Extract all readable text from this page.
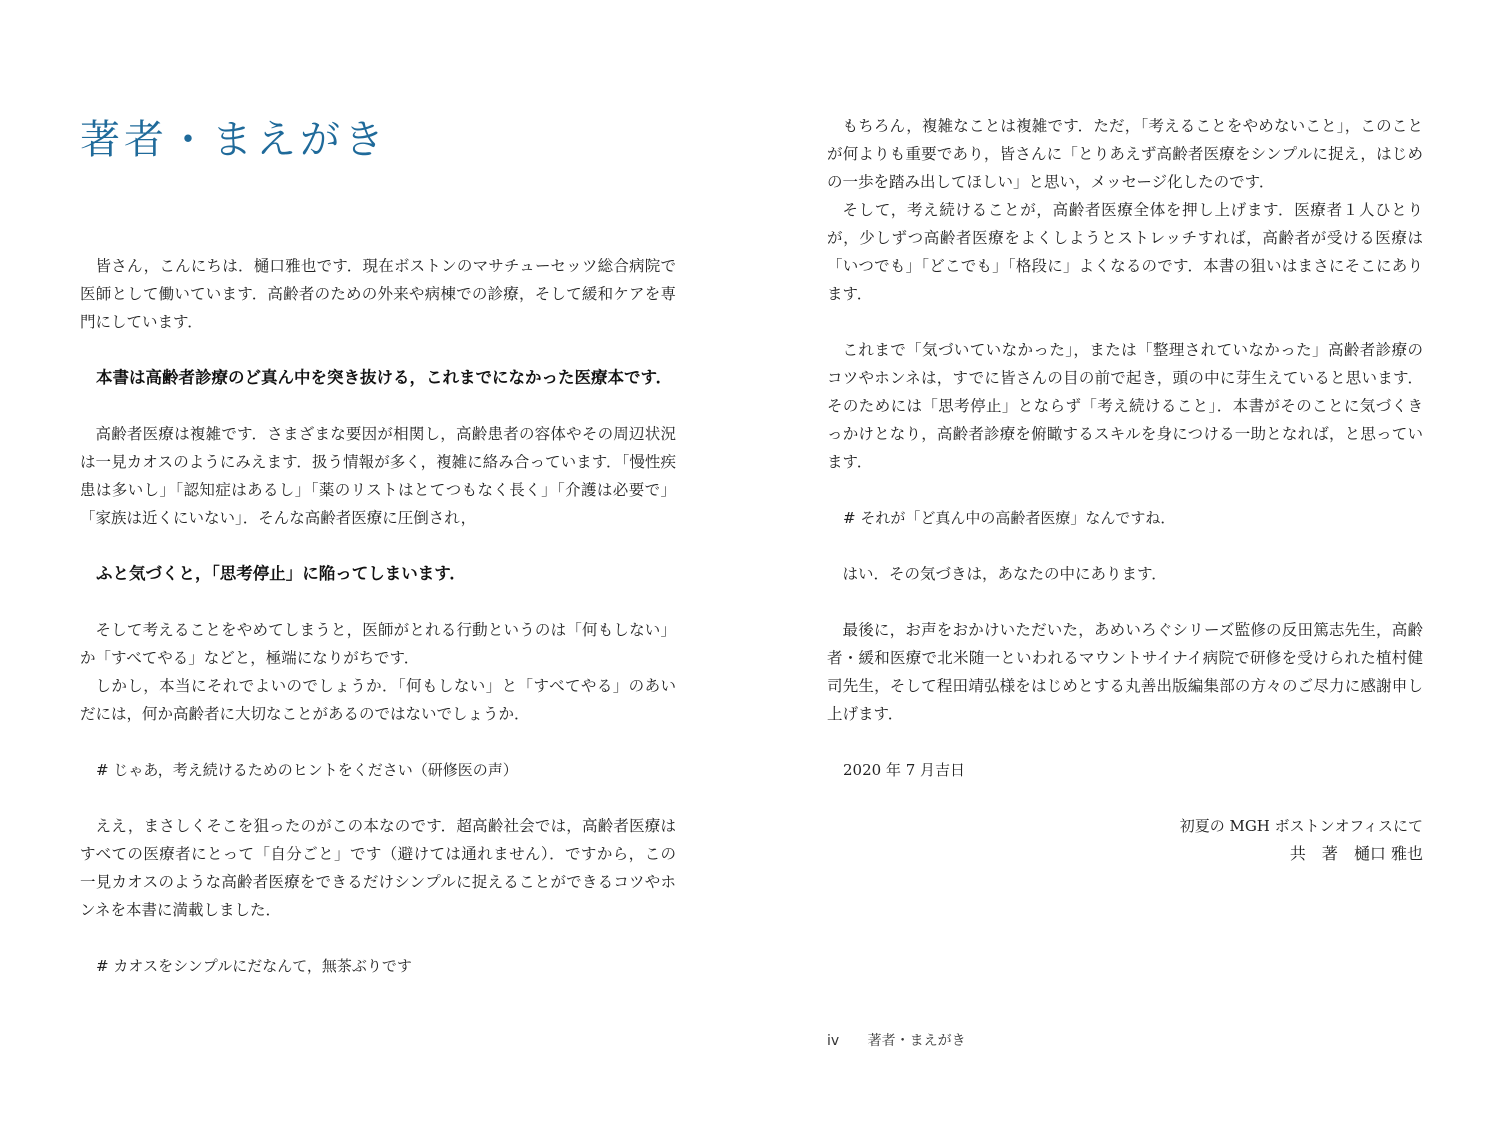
著者・まえがき

皆さん，こんにちは．樋口雅也です．現在ボストンのマサチューセッツ総合病院で医師として働いています．高齢者のための外来や病棟での診療，そして緩和ケアを専門にしています．

本書は高齢者診療のど真ん中を突き抜ける，これまでになかった医療本です．

高齢者医療は複雑です．さまざまな要因が相関し，高齢患者の容体やその周辺状況は一見カオスのようにみえます．扱う情報が多く，複雑に絡み合っています．「慢性疾患は多いし」「認知症はあるし」「薬のリストはとてつもなく長く」「介護は必要で」「家族は近くにいない」．そんな高齢者医療に圧倒され，

ふと気づくと，「思考停止」に陥ってしまいます．

そして考えることをやめてしまうと，医師がとれる行動というのは「何もしない」か「すべてやる」などと，極端になりがちです．

しかし，本当にそれでよいのでしょうか．「何もしない」と「すべてやる」のあいだには，何か高齢者に大切なことがあるのではないでしょうか．

# じゃあ，考え続けるためのヒントをください（研修医の声）

ええ，まさしくそこを狙ったのがこの本なのです．超高齢社会では，高齢者医療はすべての医療者にとって「自分ごと」です（避けては通れません）．ですから，この一見カオスのような高齢者医療をできるだけシンプルに捉えることができるコツやホンネを本書に満載しました．

# カオスをシンプルにだなんて，無茶ぶりです

もちろん，複雑なことは複雑です．ただ，「考えることをやめないこと」，このことが何よりも重要であり，皆さんに「とりあえず高齢者医療をシンプルに捉え，はじめの一歩を踏み出してほしい」と思い，メッセージ化したのです．

そして，考え続けることが，高齢者医療全体を押し上げます．医療者１人ひとりが，少しずつ高齢者医療をよくしようとストレッチすれば，高齢者が受ける医療は「いつでも」「どこでも」「格段に」よくなるのです．本書の狙いはまさにそこにあります．

これまで「気づいていなかった」，または「整理されていなかった」高齢者診療のコツやホンネは，すでに皆さんの目の前で起き，頭の中に芽生えていると思います．そのためには「思考停止」とならず「考え続けること」．本書がそのことに気づくきっかけとなり，高齢者診療を俯瞰するスキルを身につける一助となれば，と思っています．

# それが「ど真ん中の高齢者医療」なんですね．

はい．その気づきは，あなたの中にあります．

最後に，お声をおかけいただいた，あめいろぐシリーズ監修の反田篤志先生，高齢者・緩和医療で北米随一といわれるマウントサイナイ病院で研修を受けられた植村健司先生，そして程田靖弘様をはじめとする丸善出版編集部の方々のご尽力に感謝申し上げます．

2020 年 7 月吉日
初夏の MGH ボストンオフィスにて
共　著　樋口 雅也
iv 著者・まえがき
